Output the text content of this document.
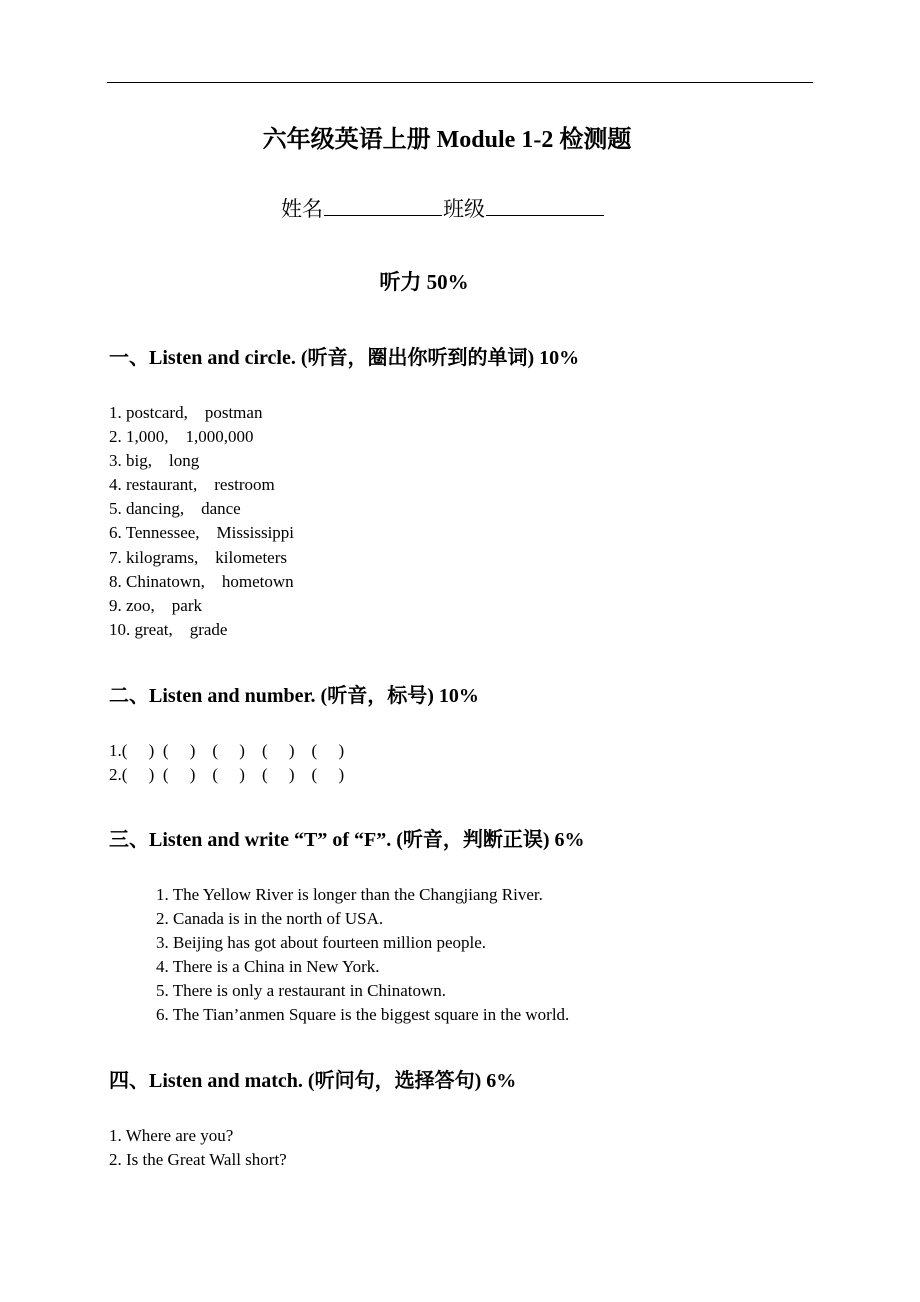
六年级英语上册 Module 1-2 检测题
姓名	班级
听力 50%
一、Listen and circle. (听音，圈出你听到的单词) 10%
1. postcard,    postman
2. 1,000,    1,000,000
3. big,    long
4. restaurant,    restroom
5. dancing,    dance
6. Tennessee,    Mississippi
7. kilograms,    kilometers
8. Chinatown,    hometown
9. zoo,    park
10. great,    grade
二、Listen and number. (听音，标号) 10%
1.(     )  (     )    (     )    (     )    (     )
2.(     )  (     )    (     )    (     )    (     )
三、Listen and write “T” of “F”. (听音，判断正误) 6%
1. The Yellow River is longer than the Changjiang River.
2. Canada is in the north of USA.
3. Beijing has got about fourteen million people.
4. There is a China in New York.
5. There is only a restaurant in Chinatown.
6. The Tian’anmen Square is the biggest square in the world.
四、Listen and match. (听问句，选择答句) 6%
1. Where are you?
2. Is the Great Wall short?
